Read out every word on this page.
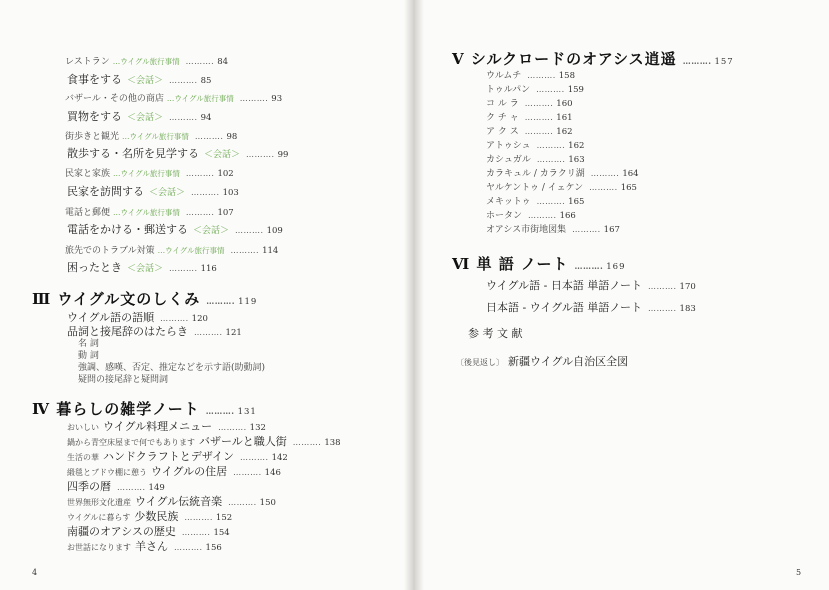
レストラン …ウイグル旅行事情 ………. 84
食事をする ＜会話＞ ………. 85
バザール・その他の商店 …ウイグル旅行事情 ………. 93
買物をする ＜会話＞ ………. 94
街歩きと観光 …ウイグル旅行事情 ………. 98
散歩する・名所を見学する ＜会話＞ ………. 99
民家と家族 …ウイグル旅行事情 ………. 102
民家を訪問する ＜会話＞ ………. 103
電話と郵便 …ウイグル旅行事情 ………. 107
電話をかける・郵送する ＜会話＞ ………. 109
旅先でのトラブル対策 …ウイグル旅行事情 ………. 114
困ったとき ＜会話＞ ………. 116
Ⅲ ウイグル文のしくみ ………. 119
ウイグル語の語順 ………. 120
品詞と接尾辞のはたらき ………. 121
名 詞
動 詞
強調、感嘆、否定、推定などを示す語(助動詞)
疑問の接尾辞と疑問詞
Ⅳ 暮らしの雑学ノート ………. 131
おいしい ウイグル料理メニュー ………. 132
鍋から青空床屋まで何でもあります バザールと職人街 ………. 138
生活の華 ハンドクラフトとデザイン ………. 142
緞毯とブドウ棚に憩う ウイグルの住居 ………. 146
四季の暦 ………. 149
世界無形文化遺産 ウイグル伝統音楽 ………. 150
ウイグルに暮らす 少数民族 ………. 152
南疆のオアシスの歴史 ………. 154
お世話になります 羊さん ………. 156
Ⅴ シルクロードのオアシス逍遥 ………. 157
ウルムチ ………. 158
トゥルパン ………. 159
コ ル ラ ………. 160
ク チ ャ ………. 161
ア ク ス ………. 162
アトゥシュ ………. 162
カシュガル ………. 163
カラキュル / カラクリ湖 ………. 164
ヤルケントゥ / イェケン ………. 165
メキットゥ ………. 165
ホータン ………. 166
オアシス市街地図集 ………. 167
Ⅵ 単 語 ノート ………. 169
ウイグル語 - 日本語 単語ノート ………. 170
日本語 - ウイグル語 単語ノート ………. 183
参 考 文 献
〔後見返し〕 新疆ウイグル自治区全図
4	5
